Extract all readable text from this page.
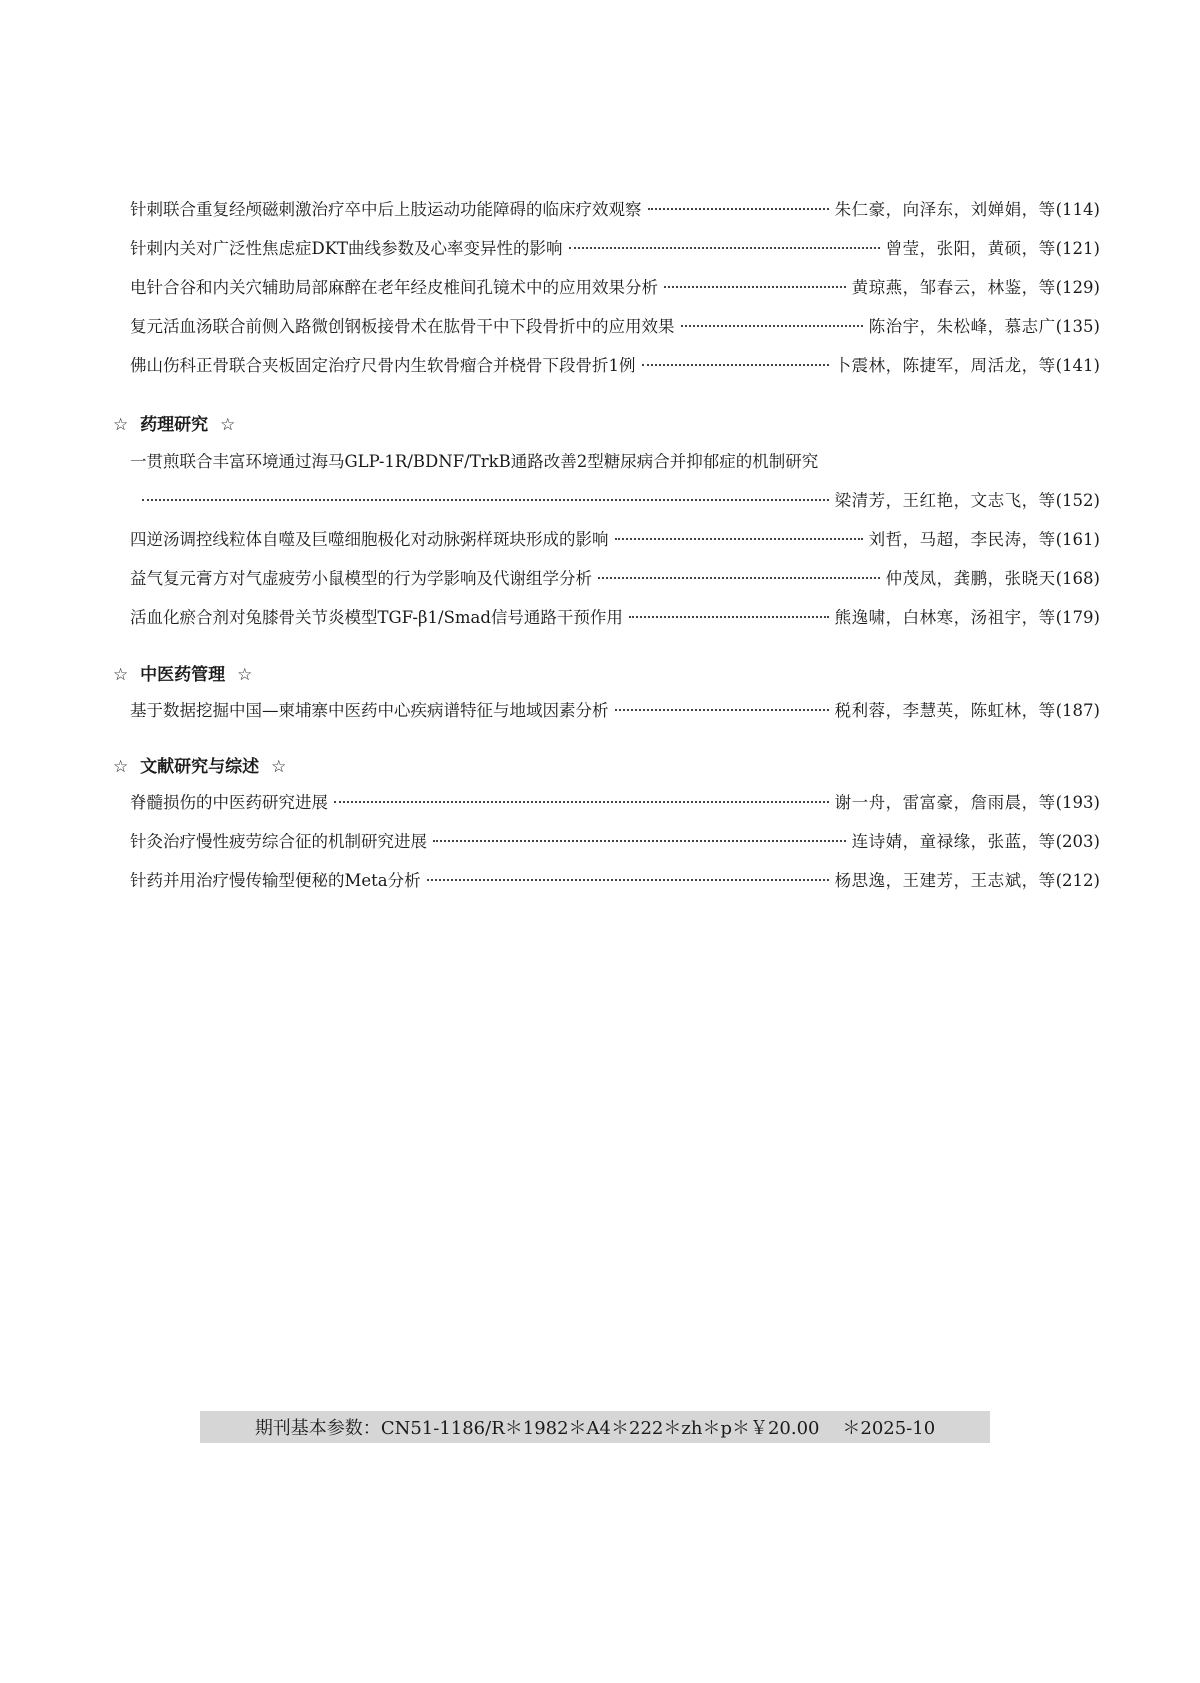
针刺联合重复经颅磁刺激治疗卒中后上肢运动功能障碍的临床疗效观察	朱仁豪，向泽东，刘婵娟，等 (114)
针刺内关对广泛性焦虑症DKT曲线参数及心率变异性的影响	曾莹，张阳，黄硕，等 (121)
电针合谷和内关穴辅助局部麻醉在老年经皮椎间孔镜术中的应用效果分析	黄琼燕，邹春云，林鉴，等 (129)
复元活血汤联合前侧入路微创钢板接骨术在肱骨干中下段骨折中的应用效果	陈治宇，朱松峰，慕志广 (135)
佛山伤科正骨联合夹板固定治疗尺骨内生软骨瘤合并桡骨下段骨折1例	卜震林，陈捷军，周活龙，等 (141)
☆ 药理研究 ☆
一贯煎联合丰富环境通过海马GLP-1R/BDNF/TrkB通路改善2型糖尿病合并抑郁症的机制研究
梁清芳，王红艳，文志飞，等 (152)
四逆汤调控线粒体自噬及巨噬细胞极化对动脉粥样斑块形成的影响	刘哲，马超，李民涛，等 (161)
益气复元膏方对气虚疲劳小鼠模型的行为学影响及代谢组学分析	仲茂凤，龚鹏，张晓天 (168)
活血化瘀合剂对兔膝骨关节炎模型TGF-β1/Smad信号通路干预作用	熊逸啸，白林寒，汤祖宇，等 (179)
☆ 中医药管理 ☆
基于数据挖掘中国—柬埔寨中医药中心疾病谱特征与地域因素分析	税利蓉，李慧英，陈虹林，等 (187)
☆ 文献研究与综述 ☆
脊髓损伤的中医药研究进展	谢一舟，雷富豪，詹雨晨，等 (193)
针灸治疗慢性疲劳综合征的机制研究进展	连诗婧，童禄缘，张蓝，等 (203)
针药并用治疗慢传输型便秘的Meta分析	杨思逸，王建芳，王志斌，等 (212)
期刊基本参数： CN51-1186/R＊1982＊A4＊222＊zh＊p＊￥20.00    ＊2025-10
